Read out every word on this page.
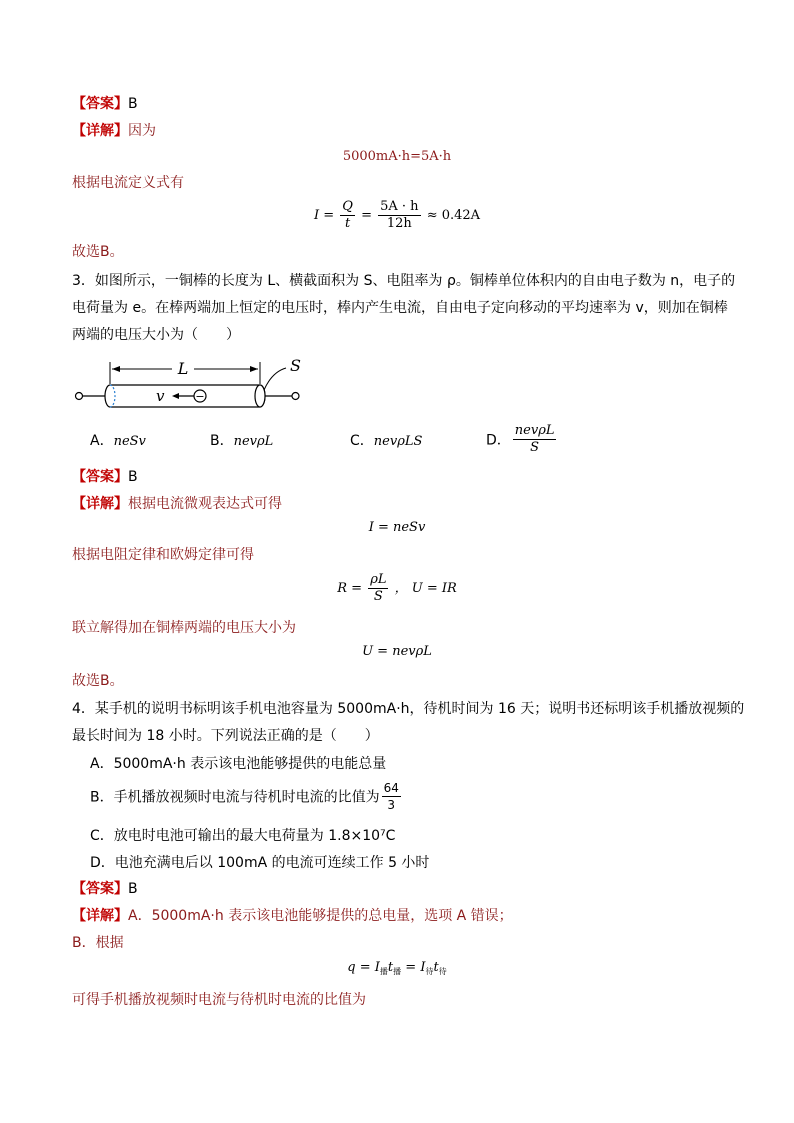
【答案】B
【详解】因为
5000mA·h=5A·h
根据电流定义式有
$I = \frac{Q}{t} = \frac{5A \cdot h}{12h} \approx 0.42A$
故选B。
3．如图所示，一铜棒的长度为 L、横截面积为 S、电阻率为 ρ。铜棒单位体积内的自由电子数为 n，电子的
电荷量为 e。在棒两端加上恒定的电压时，棒内产生电流，自由电子定向移动的平均速率为 v，则加在铜棒
两端的电压大小为（　　）
L	S
v	−
A．neSv	B．nevρL	C．nevρLS	D． $\frac{\text{nevρL}}{S}$
【答案】B
【详解】根据电流微观表达式可得
I = neSv
根据电阻定律和欧姆定律可得
$R = \frac{\rho L}{S}$ ， U = IR
联立解得加在铜棒两端的电压大小为
U = nevρL
故选B。
4．某手机的说明书标明该手机电池容量为 5000mA·h，待机时间为 16 天；说明书还标明该手机播放视频的
最长时间为 18 小时。下列说法正确的是（　　）
A．5000mA·h 表示该电池能够提供的电能总量
B．手机播放视频时电流与待机时电流的比值为 $\frac{64}{3}$
C．放电时电池可输出的最大电荷量为 1.8×10⁷C
D．电池充满电后以 100mA 的电流可连续工作 5 小时
【答案】B
【详解】A．5000mA·h 表示该电池能够提供的总电量，选项 A 错误；
B．根据
$q = I_播t_播 = I_待t_待$
可得手机播放视频时电流与待机时电流的比值为
